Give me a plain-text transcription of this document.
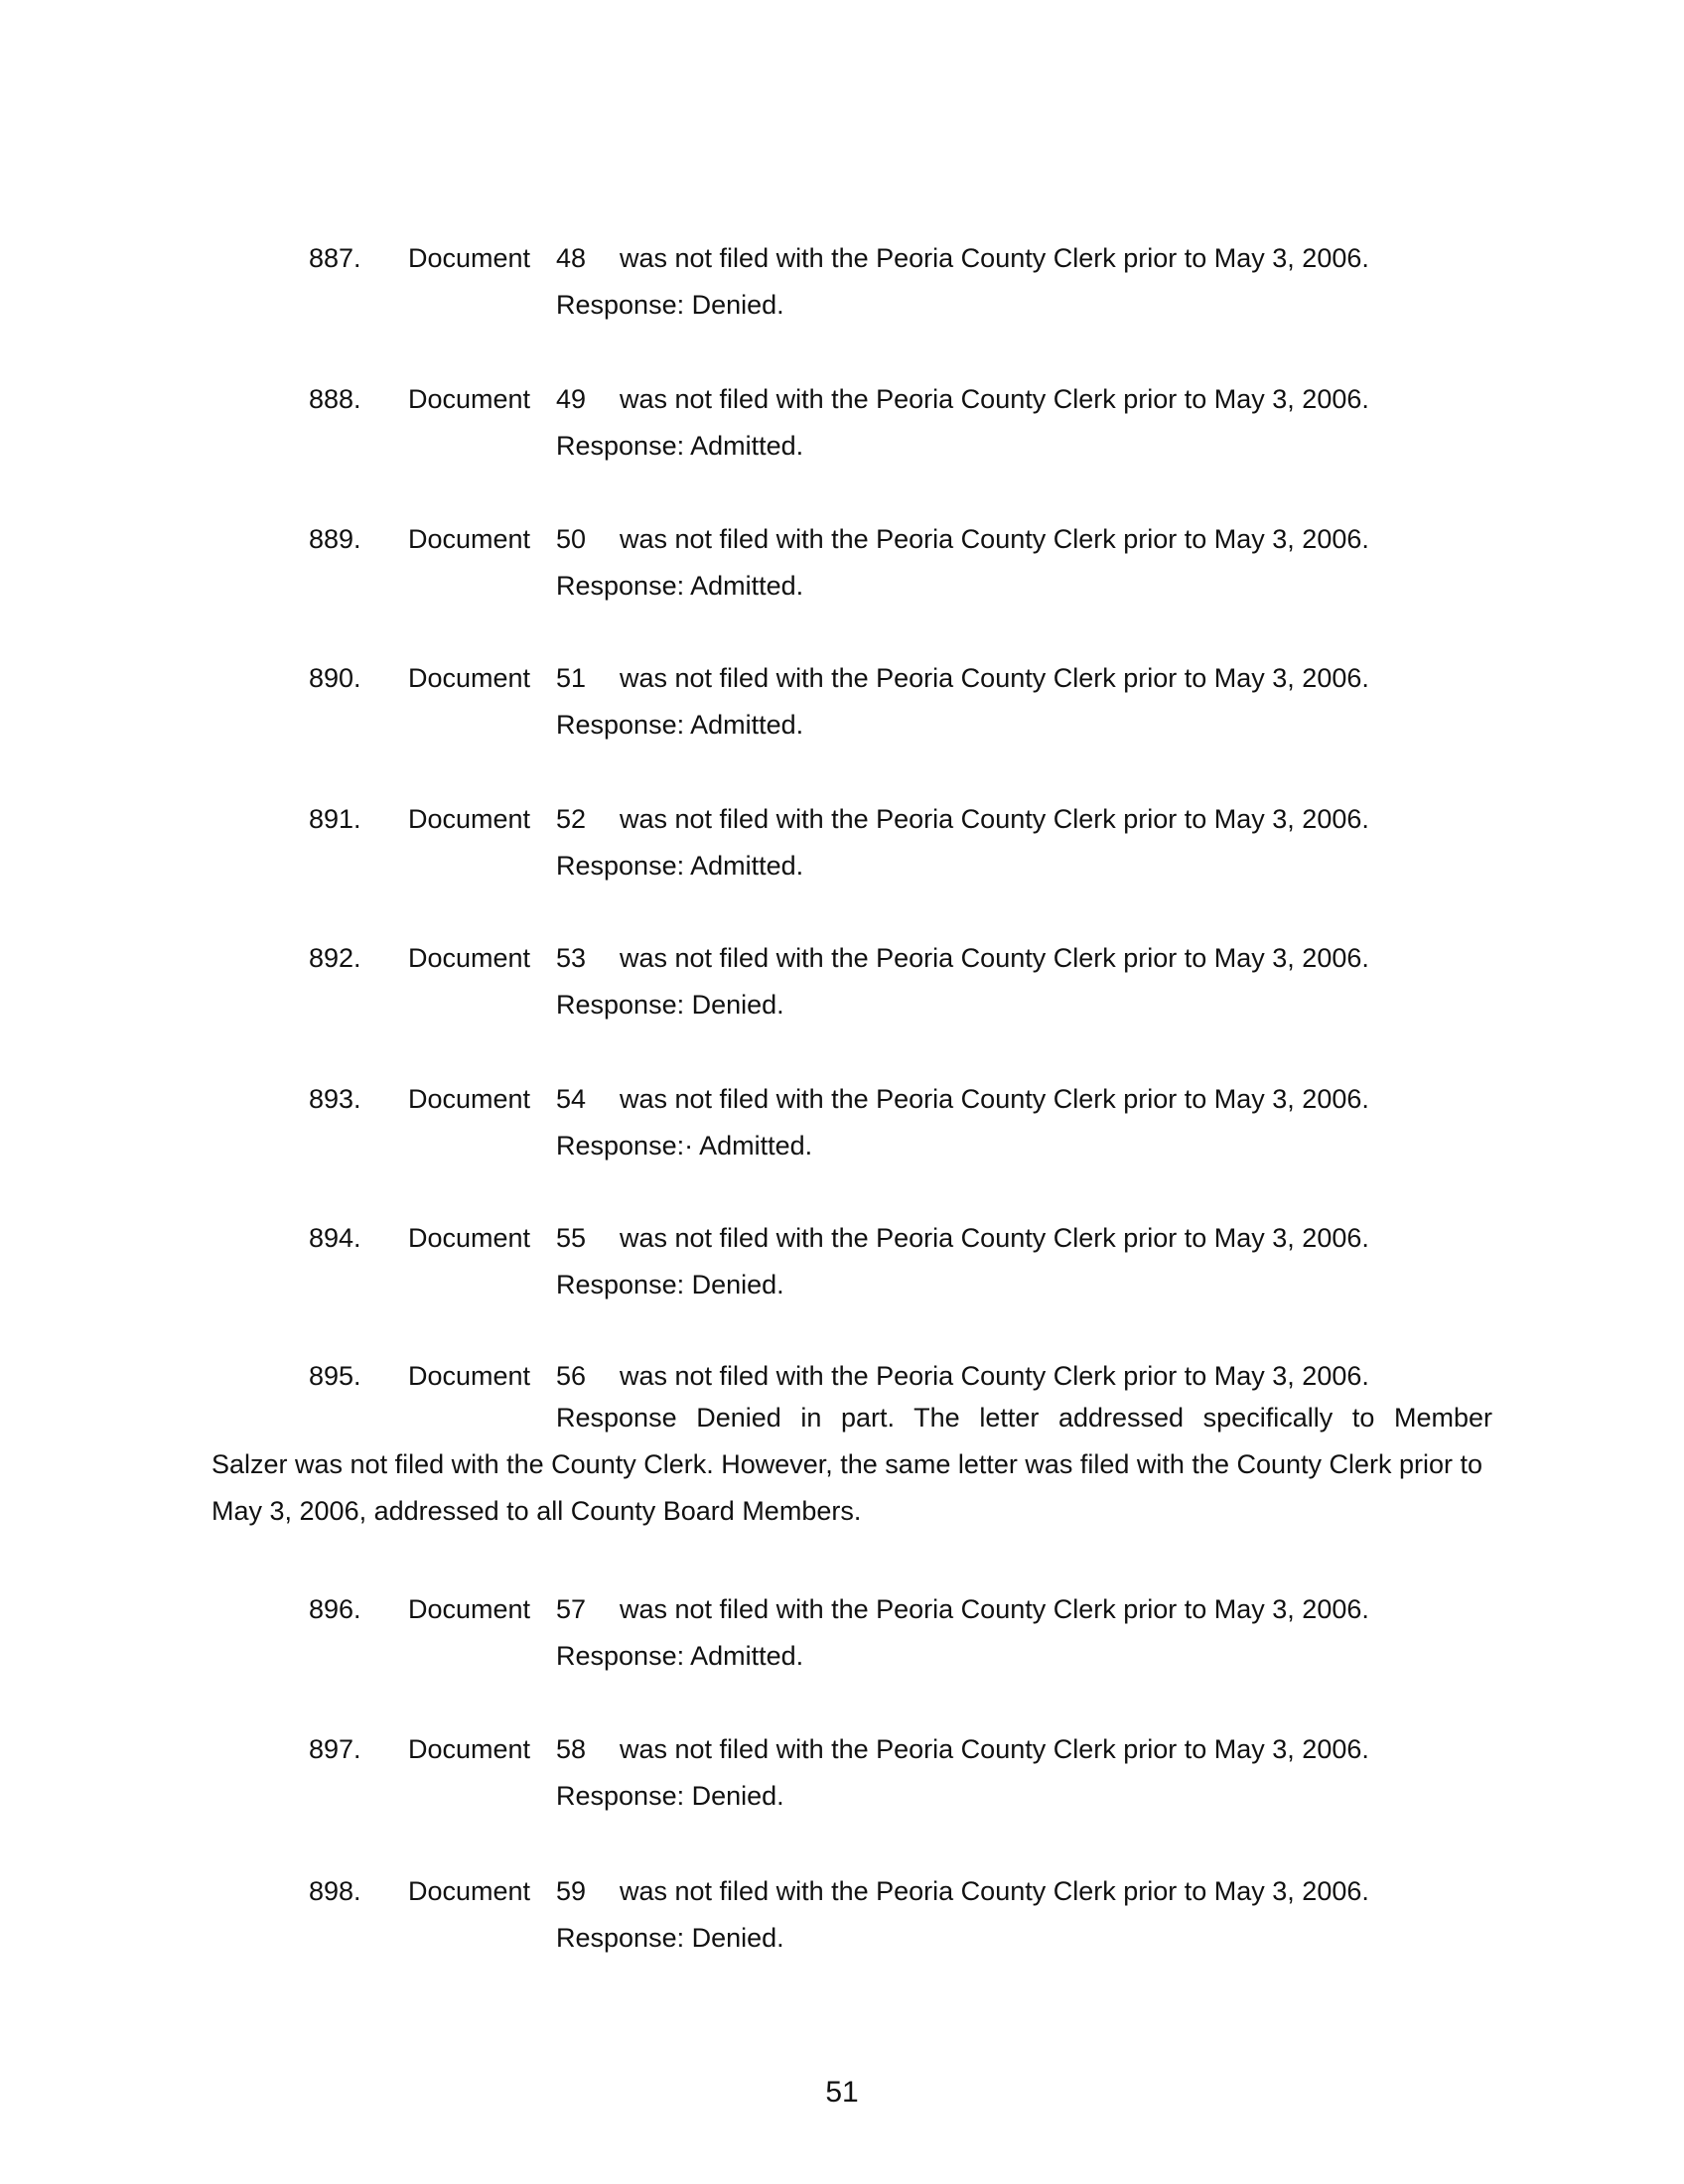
887. Document 48 was not filed with the Peoria County Clerk prior to May 3, 2006.
Response: Denied.
888. Document 49 was not filed with the Peoria County Clerk prior to May 3, 2006.
Response: Admitted.
889. Document 50 was not filed with the Peoria County Clerk prior to May 3, 2006.
Response: Admitted.
890. Document 51 was not filed with the Peoria County Clerk prior to May 3, 2006.
Response: Admitted.
891. Document 52 was not filed with the Peoria County Clerk prior to May 3, 2006.
Response: Admitted.
892. Document 53 was not filed with the Peoria County Clerk prior to May 3, 2006.
Response: Denied.
893. Document 54 was not filed with the Peoria County Clerk prior to May 3, 2006.
Response:· Admitted.
894. Document 55 was not filed with the Peoria County Clerk prior to May 3, 2006.
Response: Denied.
895. Document 56 was not filed with the Peoria County Clerk prior to May 3, 2006.
Response Denied in part. The letter addressed specifically to Member
Salzer was not filed with the County Clerk. However, the same letter was filed with the County Clerk prior to May 3, 2006, addressed to all County Board Members.
896. Document 57 was not filed with the Peoria County Clerk prior to May 3, 2006.
Response: Admitted.
897. Document 58 was not filed with the Peoria County Clerk prior to May 3, 2006.
Response: Denied.
898. Document 59 was not filed with the Peoria County Clerk prior to May 3, 2006.
Response: Denied.
51
